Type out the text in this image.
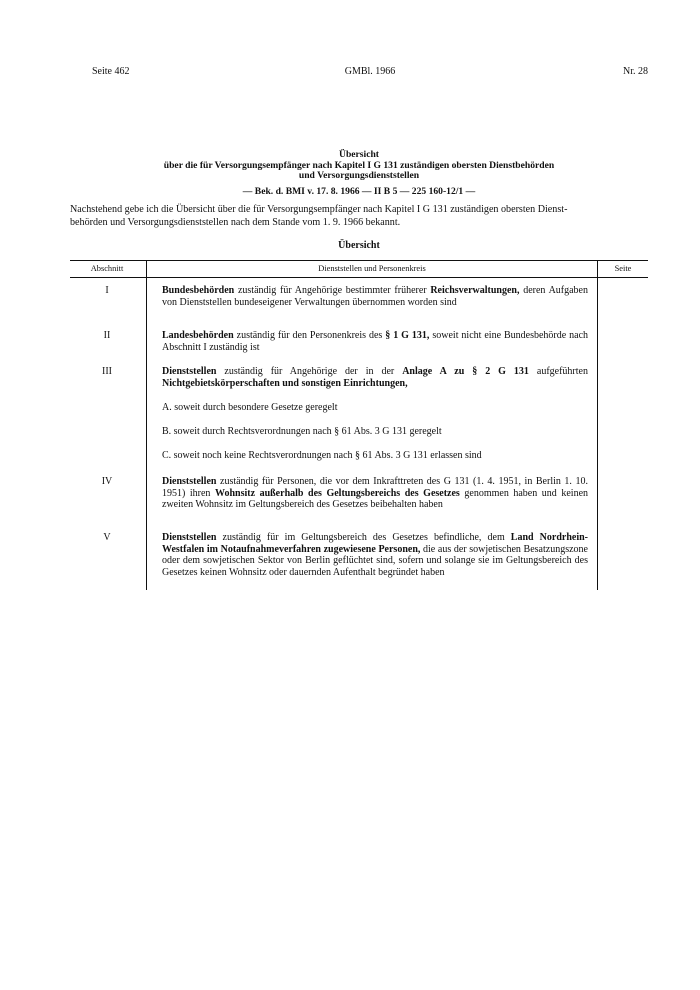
Seite 462	GMBl. 1966	Nr. 28
Übersicht
über die für Versorgungsempfänger nach Kapitel I G 131 zuständigen obersten Dienstbehörden
und Versorgungsdienststellen
— Bek. d. BMI v. 17. 8. 1966 — II B 5 — 225 160-12/1 —
Nachstehend gebe ich die Übersicht über die für Versorgungsempfänger nach Kapitel I G 131 zuständigen obersten Dienst-
behörden und Versorgungsdienststellen nach dem Stande vom 1. 9. 1966 bekannt.
Übersicht
Abschnitt	Dienststellen und Personenkreis	Seite
I	Bundesbehörden zuständig für Angehörige bestimmter früherer Reichsverwaltungen, deren Aufgaben von Dienststellen bundeseigener Verwaltungen übernommen worden sind
II	Landesbehörden zuständig für den Personenkreis des § 1 G 131, soweit nicht eine Bundesbehörde nach Abschnitt I zuständig ist
III	Dienststellen zuständig für Angehörige der in der Anlage A zu § 2 G 131 aufgeführten Nichtgebietskörperschaften und sonstigen Einrichtungen,
A. soweit durch besondere Gesetze geregelt
B. soweit durch Rechtsverordnungen nach § 61 Abs. 3 G 131 geregelt
C. soweit noch keine Rechtsverordnungen nach § 61 Abs. 3 G 131 erlassen sind
IV	Dienststellen zuständig für Personen, die vor dem Inkrafttreten des G 131 (1. 4. 1951, in Berlin 1. 10. 1951) ihren Wohnsitz außerhalb des Geltungsbereichs des Gesetzes genommen haben und keinen zweiten Wohnsitz im Geltungsbereich des Gesetzes beibehalten haben
V	Dienststellen zuständig für im Geltungsbereich des Gesetzes befindliche, dem Land Nordrhein-Westfalen im Notaufnahmeverfahren zugewiesene Personen, die aus der sowjetischen Besatzungszone oder dem sowjetischen Sektor von Berlin geflüchtet sind, sofern und solange sie im Geltungsbereich des Gesetzes keinen Wohnsitz oder dauernden Aufenthalt begründet haben
